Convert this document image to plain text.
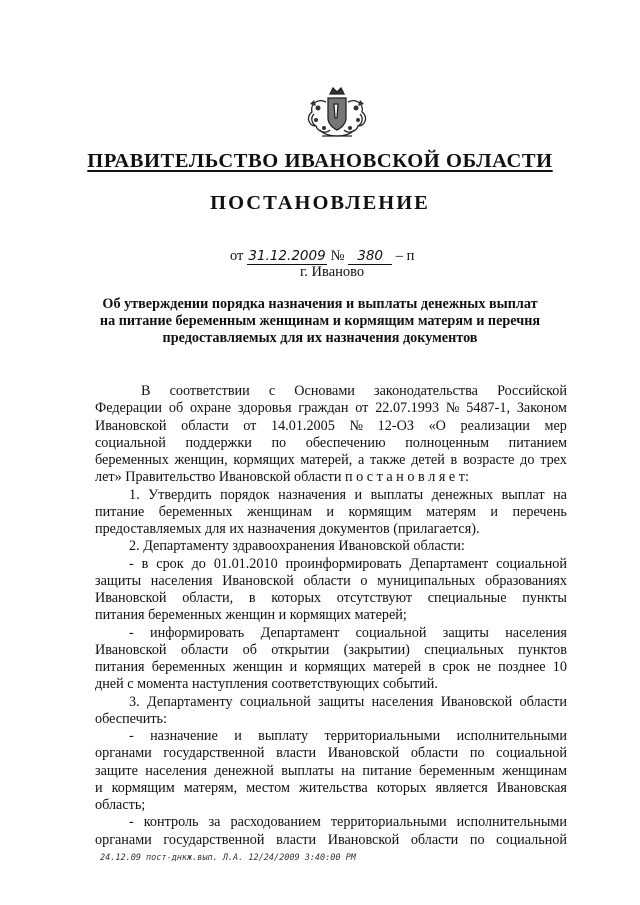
ПРАВИТЕЛЬСТВО ИВАНОВСКОЙ ОБЛАСТИ
ПОСТАНОВЛЕНИЕ
от 31.12.2009 № 380 – п
г. Иваново
Об утверждении порядка назначения и выплаты денежных выплат
на питание беременным женщинам и кормящим матерям и перечня
предоставляемых для их назначения документов
В соответствии с Основами законодательства Российской
Федерации об охране здоровья граждан от 22.07.1993 № 5487-1, Законом
Ивановской области от 14.01.2005 № 12-ОЗ «О реализации мер
социальной поддержки по обеспечению полноценным питанием
беременных женщин, кормящих матерей, а также детей в возрасте до трех
лет» Правительство Ивановской области п о с т а н о в л я е т:
1. Утвердить порядок назначения и выплаты денежных выплат на
питание беременных женщинам и кормящим матерям и перечень
предоставляемых для их назначения документов (прилагается).
2. Департаменту здравоохранения Ивановской области:
- в срок до 01.01.2010 проинформировать Департамент социальной
защиты населения Ивановской области о муниципальных образованиях
Ивановской области, в которых отсутствуют специальные пункты
питания беременных женщин и кормящих матерей;
- информировать Департамент социальной защиты населения
Ивановской области об открытии (закрытии) специальных пунктов
питания беременных женщин и кормящих матерей в срок не позднее 10
дней с момента наступления соответствующих событий.
3. Департаменту социальной защиты населения Ивановской области
обеспечить:
- назначение и выплату территориальными исполнительными
органами государственной власти Ивановской области по социальной
защите населения денежной выплаты на питание беременным женщинам
и кормящим матерям, местом жительства которых является Ивановская
область;
- контроль за расходованием территориальными исполнительными
органами государственной власти Ивановской области по социальной
24.12.09 пост-днкж.вып. Л.А. 12/24/2009 3:40:00 PM
